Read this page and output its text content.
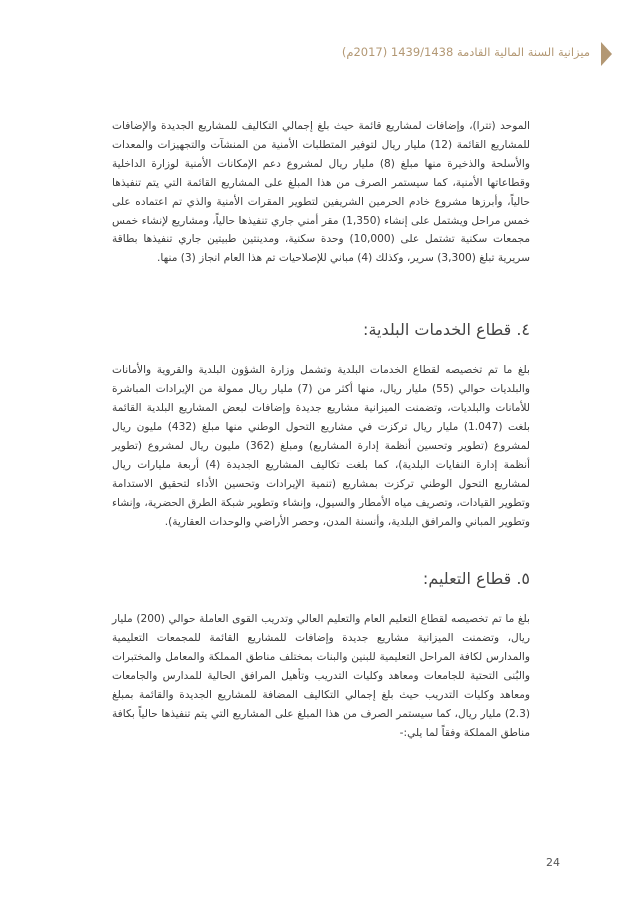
ميزانية السنة المالية القادمة 1439/1438 (2017م)

الموحد (تترا)، وإضافات لمشاريع قائمة حيث بلغ إجمالي التكاليف للمشاريع الجديدة والإضافات للمشاريع القائمة (12) مليار ريال لتوفير المتطلبات الأمنية من المنشآت والتجهيزات والمعدات والأسلحة والذخيرة منها مبلغ (8) مليار ريال لمشروع دعم الإمكانات الأمنية لوزارة الداخلية وقطاعاتها الأمنية، كما سيستمر الصرف من هذا المبلغ على المشاريع القائمة التي يتم تنفيذها حالياً، وأبرزها مشروع خادم الحرمين الشريفين لتطوير المقرات الأمنية والذي تم اعتماده على خمس مراحل ويشتمل على إنشاء (1,350) مقر أمني جاري تنفيذها حالياً، ومشاريع لإنشاء خمس مجمعات سكنية تشتمل على (10,000) وحدة سكنية، ومدينتين طبيتين جاري تنفيذها بطاقة سريرية تبلغ (3,300) سرير، وكذلك (4) مباني للإصلاحيات تم هذا العام انجاز (3) منها.

٤. قطاع الخدمات البلدية:

بلغ ما تم تخصيصه لقطاع الخدمات البلدية وتشمل وزارة الشؤون البلدية والقروية والأمانات والبلديات حوالي (55) مليار ريال، منها أكثر من (7) مليار ريال ممولة من الإيرادات المباشرة للأمانات والبلديات، وتضمنت الميزانية مشاريع جديدة وإضافات لبعض المشاريع البلدية القائمة بلغت (1.047) مليار ريال تركزت في مشاريع التحول الوطني منها مبلغ (432) مليون ريال لمشروع (تطوير وتحسين أنظمة إدارة المشاريع) ومبلغ (362) مليون ريال لمشروع (تطوير أنظمة إدارة النفايات البلدية)، كما بلغت تكاليف المشاريع الجديدة (4) أربعة مليارات ريال لمشاريع التحول الوطني تركزت بمشاريع (تنمية الإيرادات وتحسين الأداء لتحقيق الاستدامة وتطوير القيادات، وتصريف مياه الأمطار والسيول، وإنشاء وتطوير شبكة الطرق الحضرية، وإنشاء وتطوير المباني والمرافق البلدية، وأنسنة المدن، وحصر الأراضي والوحدات العقارية).

٥. قطاع التعليم:

بلغ ما تم تخصيصه لقطاع التعليم العام والتعليم العالي وتدريب القوى العاملة حوالي (200) مليار ريال، وتضمنت الميزانية مشاريع جديدة وإضافات للمشاريع القائمة للمجمعات التعليمية والمدارس لكافة المراحل التعليمية للبنين والبنات بمختلف مناطق المملكة والمعامل والمختبرات والبُنى التحتية للجامعات ومعاهد وكليات التدريب وتأهيل المرافق الحالية للمدارس والجامعات ومعاهد وكليات التدريب حيث بلغ إجمالي التكاليف المضافة للمشاريع الجديدة والقائمة بمبلغ (2.3) مليار ريال، كما سيستمر الصرف من هذا المبلغ على المشاريع التي يتم تنفيذها حالياً بكافة مناطق المملكة وفقاً لما يلي:-

24
